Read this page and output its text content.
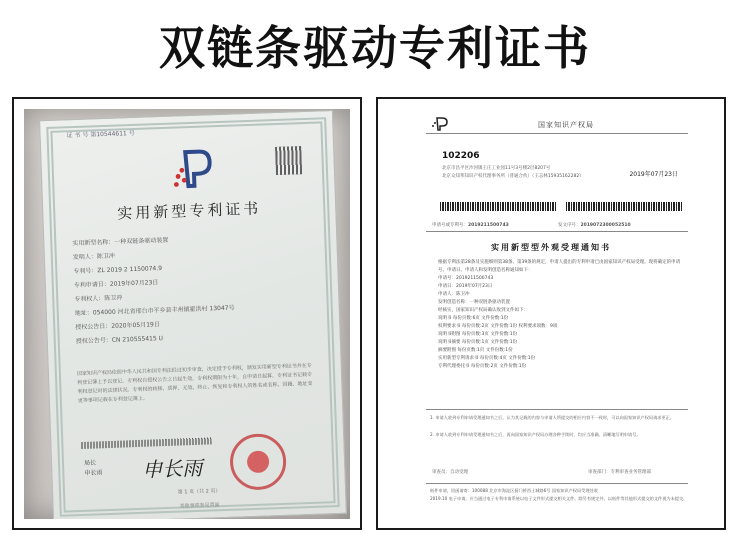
双链条驱动专利证书
证 书 号 第10544611 号
实用新型专利证书
实用新型名称：一种双链条驱动装置
发明人：陈卫冲
专利号：ZL 2019 2 1150074.9
专利申请日：2019年07月23日
专利权人：陈卫冲
地址：054000 河北省邢台市平乡县丰州镇霍洪村 13047号
授权公告日：2020年05月19日
授权公告号：CN 210555415 U
国家知识产权局依照中华人民共和国专利法经过初步审查，决定授予专利权，颁发实用新型专利证书并在专利登记簿上予以登记。专利权自授权公告之日起生效。专利权期限为十年，自申请日起算。专利证书记载专利权登记时的法律状况。专利权的转移、质押、无效、终止、恢复和专利权人的姓名或名称、国籍、地址变更等事项记载在专利登记簿上。
局长
申长雨 申长雨
第 1 页（共 2 页）
其他事项参见背面
国家知识产权局
102206
北京市昌平区沙河镇王庄工业园11号3号楼2层8207号
北京众知邦知识产权代理事务所（普通合伙）（王志林15935162282）	2019年07月23日
申请号或专利号：2019211500743	发文序号：2019072300052510
实用新型型外观受理通知书
根据专利法第28条及实施细则第38条、第39条的规定，申请人提出的专利申请已由国家知识产权局受理。现将确定的申请号、申请日、申请人和发明创造名称通知如下：
申请号：2019211500743
申请日：2019年07月23日
申请人：陈卫冲
发明创造名称：一种双链条驱动装置
经核实，国家知识产权局确认收到文件如下：
说明书 每份页数:6页 文件份数:1份
权利要求书 每份页数:2页 文件份数:1份 权利要求项数：9项
说明书附图 每份页数:3页 文件份数:1份
说明书摘要 每份页数:1页 文件份数:1份
摘要附图 每份页数:1页 文件份数:1份
实用新型专利请求书 每份页数:4页 文件份数:1份
专利代理委托书 每份页数:2页 文件份数:1份
1. 申请人收到专利申请受理通知书之后，认为其记载的内容与申请人所提交的相应内容不一致时，可以向国家知识产权局请求更正。
2. 申请人收到专利申请受理通知书之后，再向国家知识产权局办理各种手续时，均应当准确、清晰地写明申请号。
审查员：自动受理	审查部门：专利审查业务管理部
纸件申请，回函请寄：100088 北京市海淀区蓟门桥西土城路6号 国家知识产权局受理处收
2019.10 电子申请，应当通过电子专利申请系统以电子文件形式提交相关文件。除另有规定外，以纸件等其他形式提交的文件视为未提交。
